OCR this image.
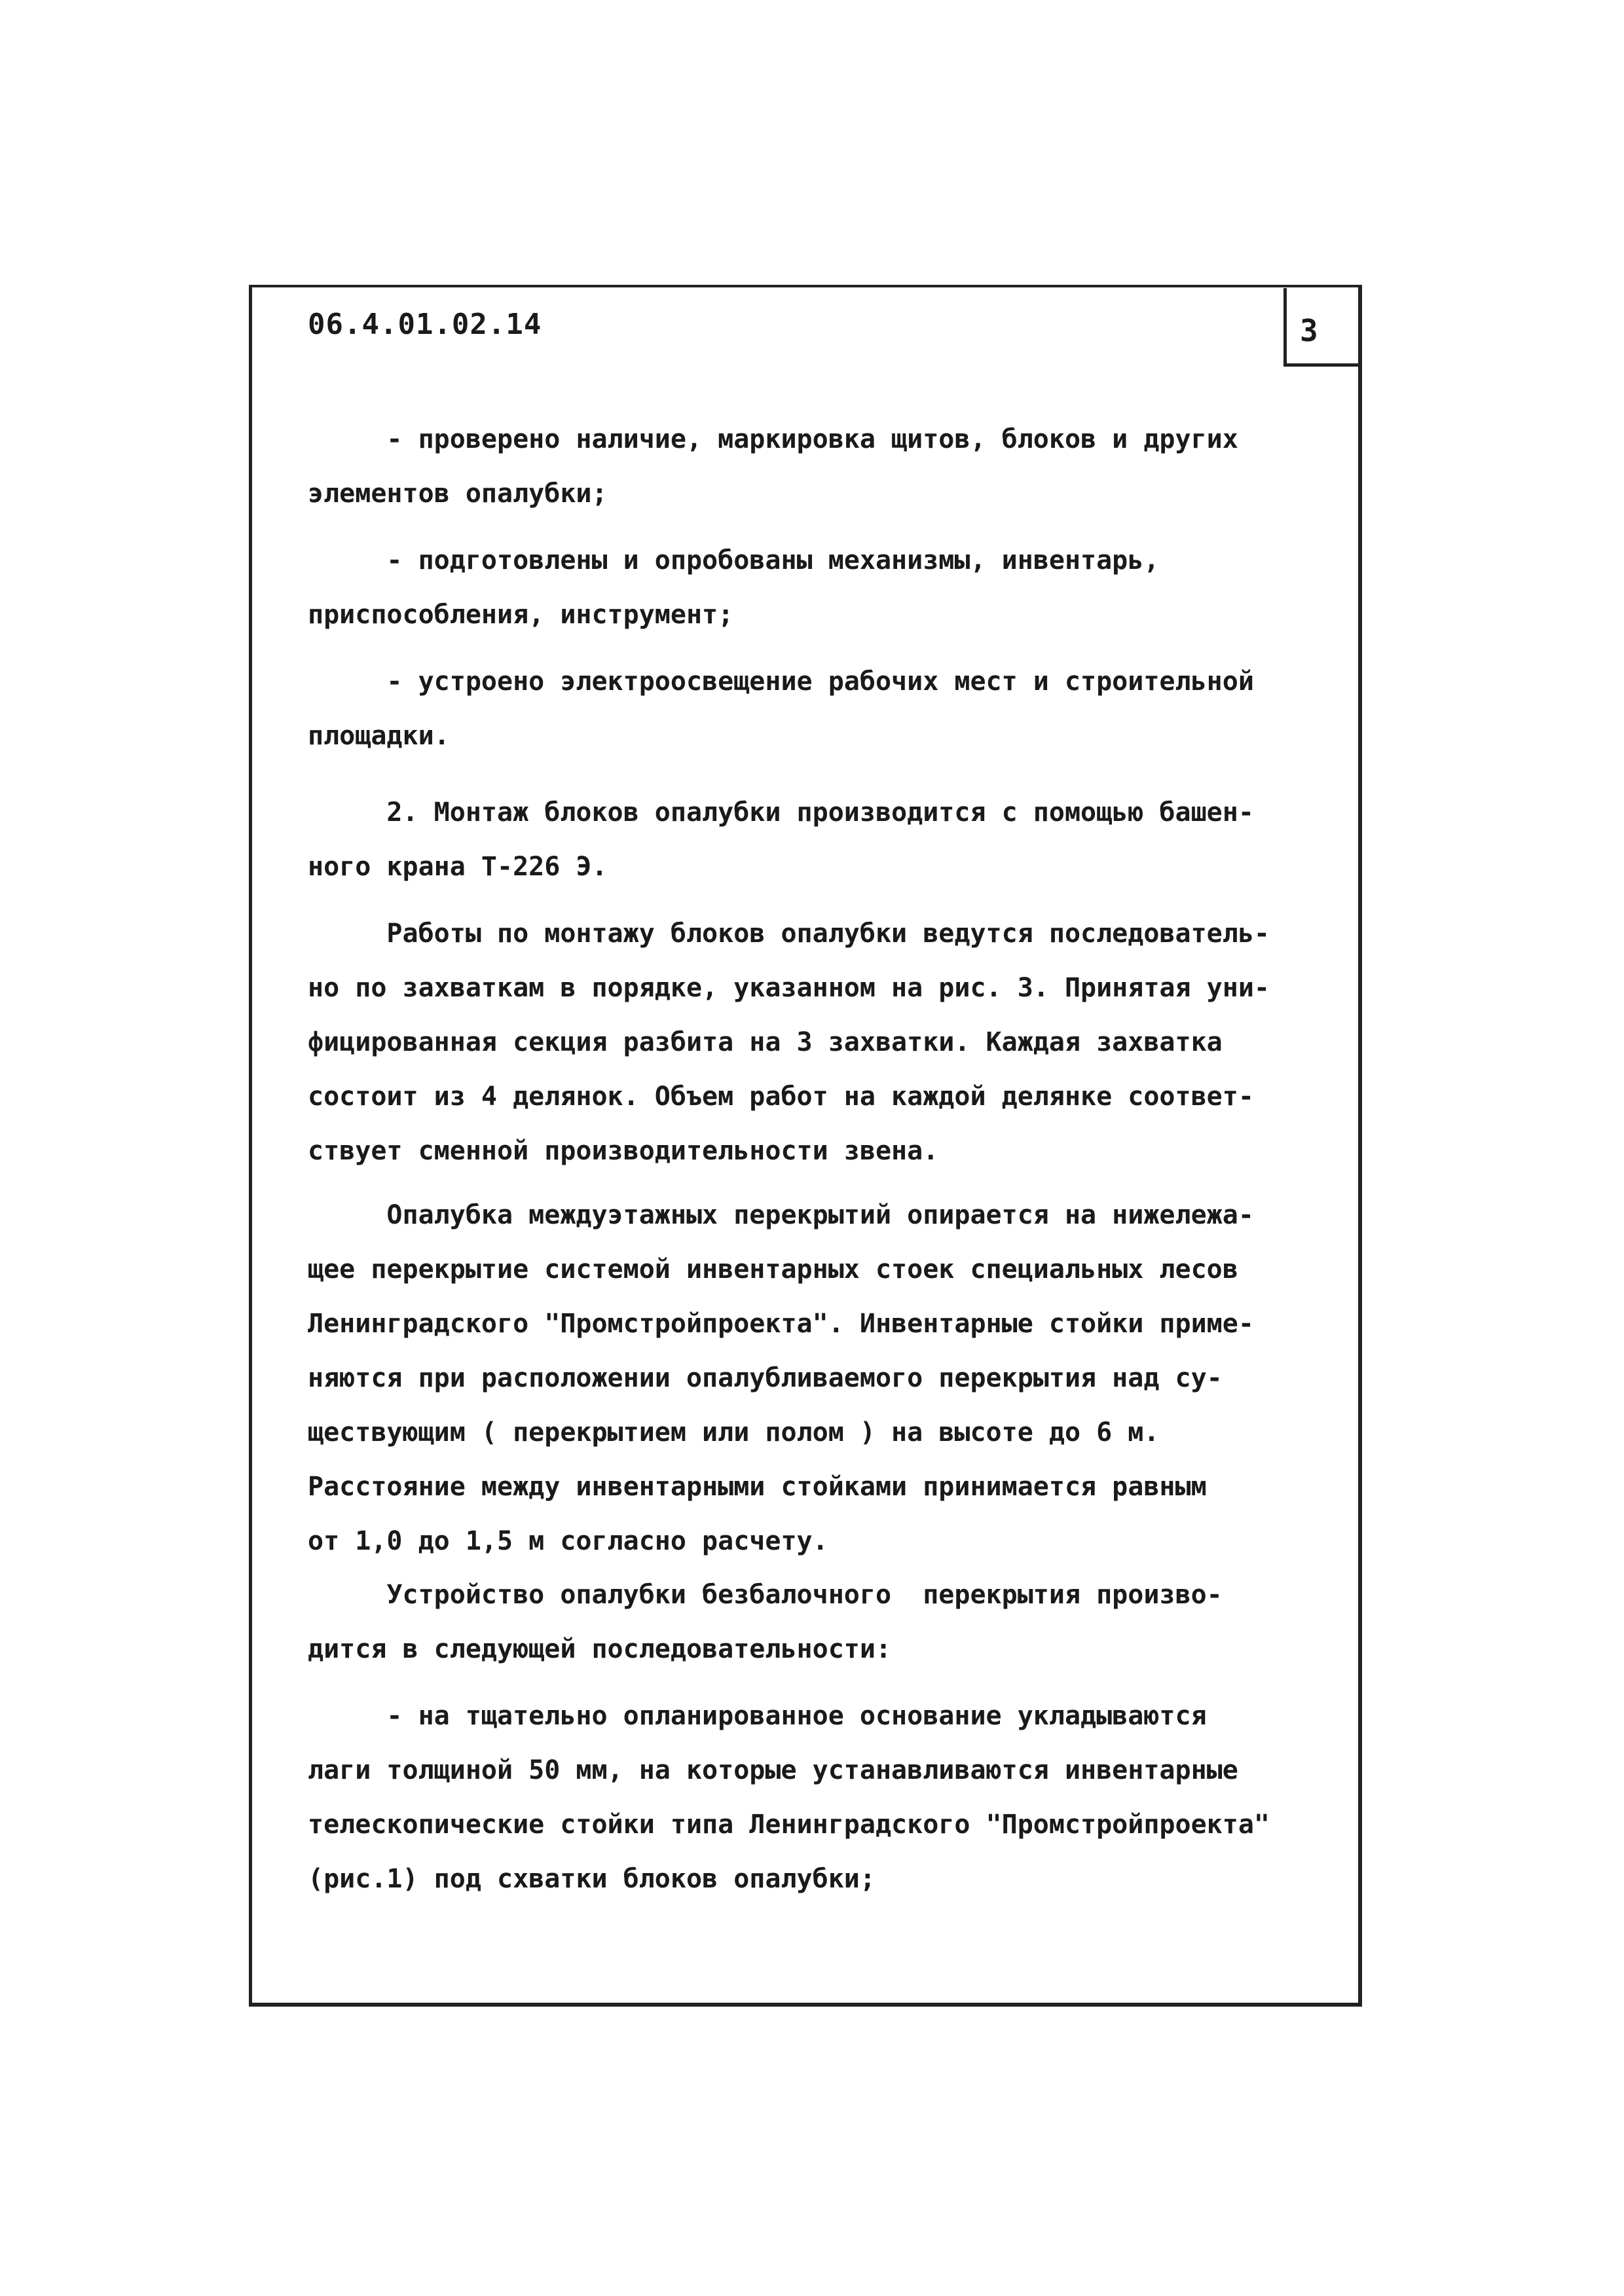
06.4.01.02.14	3
- проверено наличие, маркировка щитов, блоков и других
элементов опалубки;
- подготовлены и опробованы механизмы, инвентарь,
приспособления, инструмент;
- устроено электроосвещение рабочих мест и строительной
площадки.
2. Монтаж блоков опалубки производится с помощью башен-
ного крана Т-226 Э.
Работы по монтажу блоков опалубки ведутся последователь-
но по захваткам в порядке, указанном на рис. 3. Принятая уни-
фицированная секция разбита на 3 захватки. Каждая захватка
состоит из 4 делянок. Объем работ на каждой делянке соответ-
ствует сменной производительности звена.
Опалубка междуэтажных перекрытий опирается на нижележа-
щее перекрытие системой инвентарных стоек специальных лесов
Ленинградского "Промстройпроекта". Инвентарные стойки приме-
няются при расположении опалубливаемого перекрытия над су-
ществующим ( перекрытием или полом ) на высоте до 6 м.
Расстояние между инвентарными стойками принимается равным
от 1,0 до 1,5 м согласно расчету.
Устройство опалубки безбалочного  перекрытия произво-
дится в следующей последовательности:
- на тщательно опланированное основание укладываются
лаги толщиной 50 мм, на которые устанавливаются инвентарные
телескопические стойки типа Ленинградского "Промстройпроекта"
(рис.1) под схватки блоков опалубки;
